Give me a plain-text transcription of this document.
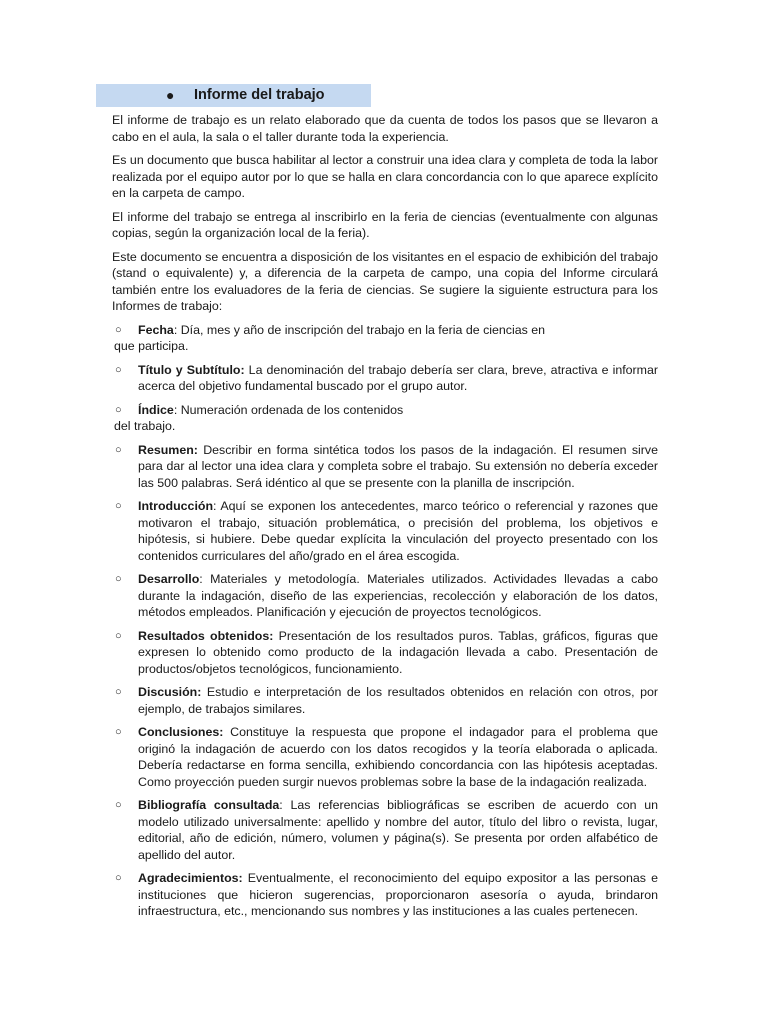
● Informe del trabajo

El informe de trabajo es un relato elaborado que da cuenta de todos los pasos que se llevaron a cabo en el aula, la sala o el taller durante toda la experiencia.

Es un documento que busca habilitar al lector a construir una idea clara y completa de toda la labor realizada por el equipo autor por lo que se halla en clara concordancia con lo que aparece explícito en la carpeta de campo.

El informe del trabajo se entrega al inscribirlo en la feria de ciencias (eventualmente con algunas copias, según la organización local de la feria).

Este documento se encuentra a disposición de los visitantes en el espacio de exhibición del trabajo (stand o equivalente) y, a diferencia de la carpeta de campo, una copia del Informe circulará también entre los evaluadores de la feria de ciencias. Se sugiere la siguiente estructura para los Informes de trabajo:

○	Fecha: Día, mes y año de inscripción del trabajo en la feria de ciencias en
que participa.
○ Título y Subtítulo: La denominación del trabajo debería ser clara, breve, atractiva e informar acerca del objetivo fundamental buscado por el grupo autor.
○	Índice: Numeración ordenada de los contenidos
del trabajo.
○ Resumen: Describir en forma sintética todos los pasos de la indagación. El resumen sirve para dar al lector una idea clara y completa sobre el trabajo. Su extensión no debería exceder las 500 palabras. Será idéntico al que se presente con la planilla de inscripción.
○ Introducción: Aquí se exponen los antecedentes, marco teórico o referencial y razones que motivaron el trabajo, situación problemática, o precisión del problema, los objetivos e hipótesis, si hubiere. Debe quedar explícita la vinculación del proyecto presentado con los contenidos curriculares del año/grado en el área escogida.
○ Desarrollo: Materiales y metodología. Materiales utilizados. Actividades llevadas a cabo durante la indagación, diseño de las experiencias, recolección y elaboración de los datos, métodos empleados. Planificación y ejecución de proyectos tecnológicos.
○ Resultados obtenidos: Presentación de los resultados puros. Tablas, gráficos, figuras que expresen lo obtenido como producto de la indagación llevada a cabo. Presentación de productos/objetos tecnológicos, funcionamiento.
○ Discusión: Estudio e interpretación de los resultados obtenidos en relación con otros, por ejemplo, de trabajos similares.
○ Conclusiones: Constituye la respuesta que propone el indagador para el problema que originó la indagación de acuerdo con los datos recogidos y la teoría elaborada o aplicada. Debería redactarse en forma sencilla, exhibiendo concordancia con las hipótesis aceptadas. Como proyección pueden surgir nuevos problemas sobre la base de la indagación realizada.
○ Bibliografía consultada: Las referencias bibliográficas se escriben de acuerdo con un modelo utilizado universalmente: apellido y nombre del autor, título del libro o revista, lugar, editorial, año de edición, número, volumen y página(s). Se presenta por orden alfabético de apellido del autor.
○ Agradecimientos: Eventualmente, el reconocimiento del equipo expositor a las personas e instituciones que hicieron sugerencias, proporcionaron asesoría o ayuda, brindaron infraestructura, etc., mencionando sus nombres y las instituciones a las cuales pertenecen.
